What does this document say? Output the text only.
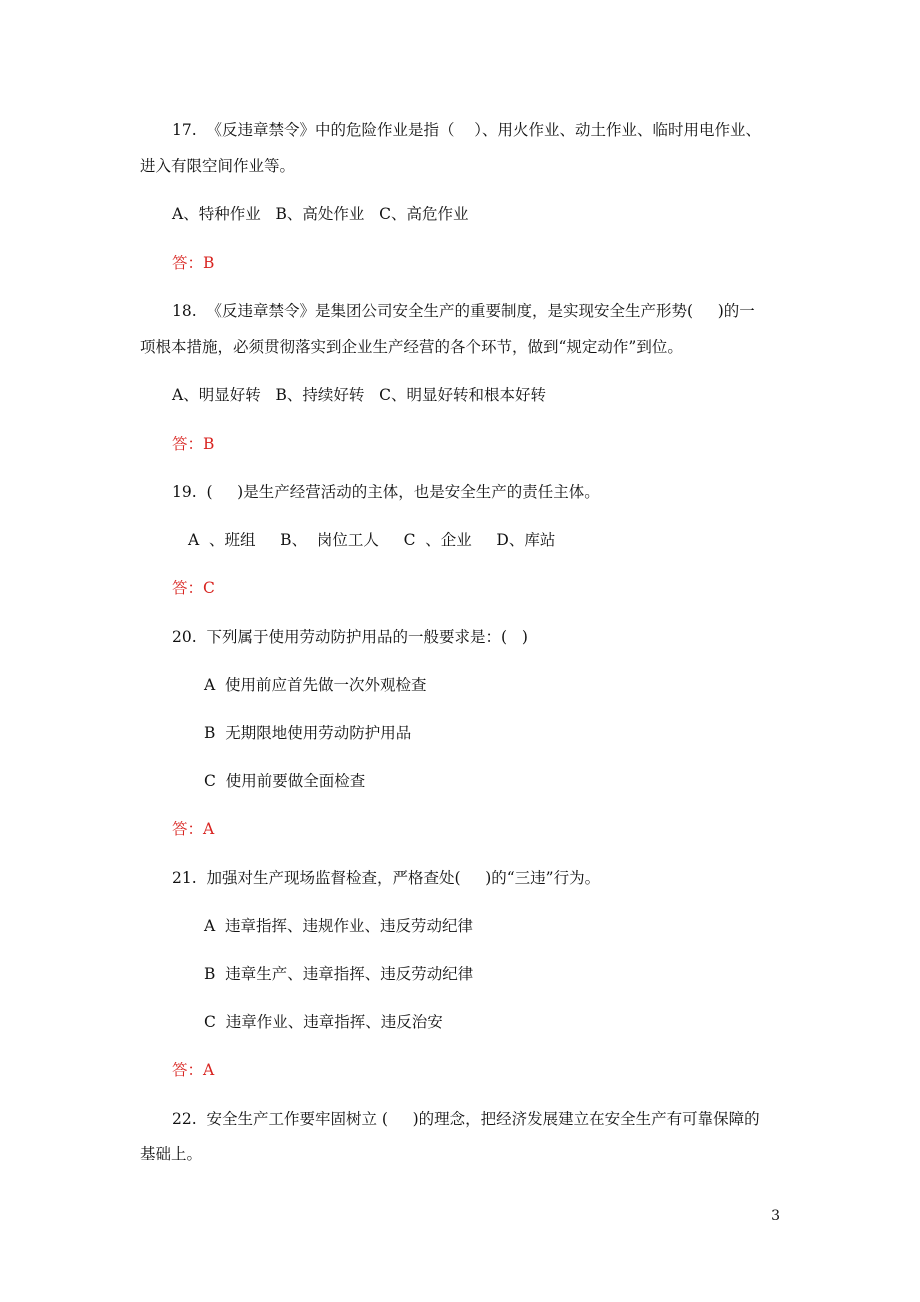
17.  《反违章禁令》中的危险作业是指（    ）、用火作业、动土作业、临时用电作业、
进入有限空间作业等。
A、特种作业   B、高处作业   C、高危作业
答：B
18.  《反违章禁令》是集团公司安全生产的重要制度，是实现安全生产形势(     )的一
项根本措施，必须贯彻落实到企业生产经营的各个环节，做到“规定动作”到位。
A、明显好转   B、持续好转   C、明显好转和根本好转
答：B
19.  (     )是生产经营活动的主体，也是安全生产的责任主体。
A  、班组     B、  岗位工人     C  、企业     D、库站
答：C
20.  下列属于使用劳动防护用品的一般要求是：(   )
A  使用前应首先做一次外观检查
B  无期限地使用劳动防护用品
C  使用前要做全面检查
答：A
21.  加强对生产现场监督检查，严格查处(     )的“三违”行为。
A  违章指挥、违规作业、违反劳动纪律
B  违章生产、违章指挥、违反劳动纪律
C  违章作业、违章指挥、违反治安
答：A
22.  安全生产工作要牢固树立 (     )的理念，把经济发展建立在安全生产有可靠保障的
基础上。
3
